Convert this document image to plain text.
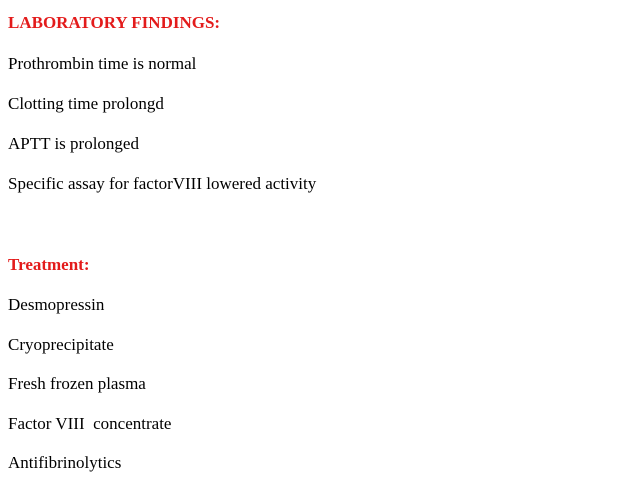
LABORATORY FINDINGS:
Prothrombin time is normal
Clotting time prolongd
APTT is prolonged
Specific assay for factorVIII lowered activity
Treatment:
Desmopressin
Cryoprecipitate
Fresh frozen plasma
Factor VIII  concentrate
Antifibrinolytics
